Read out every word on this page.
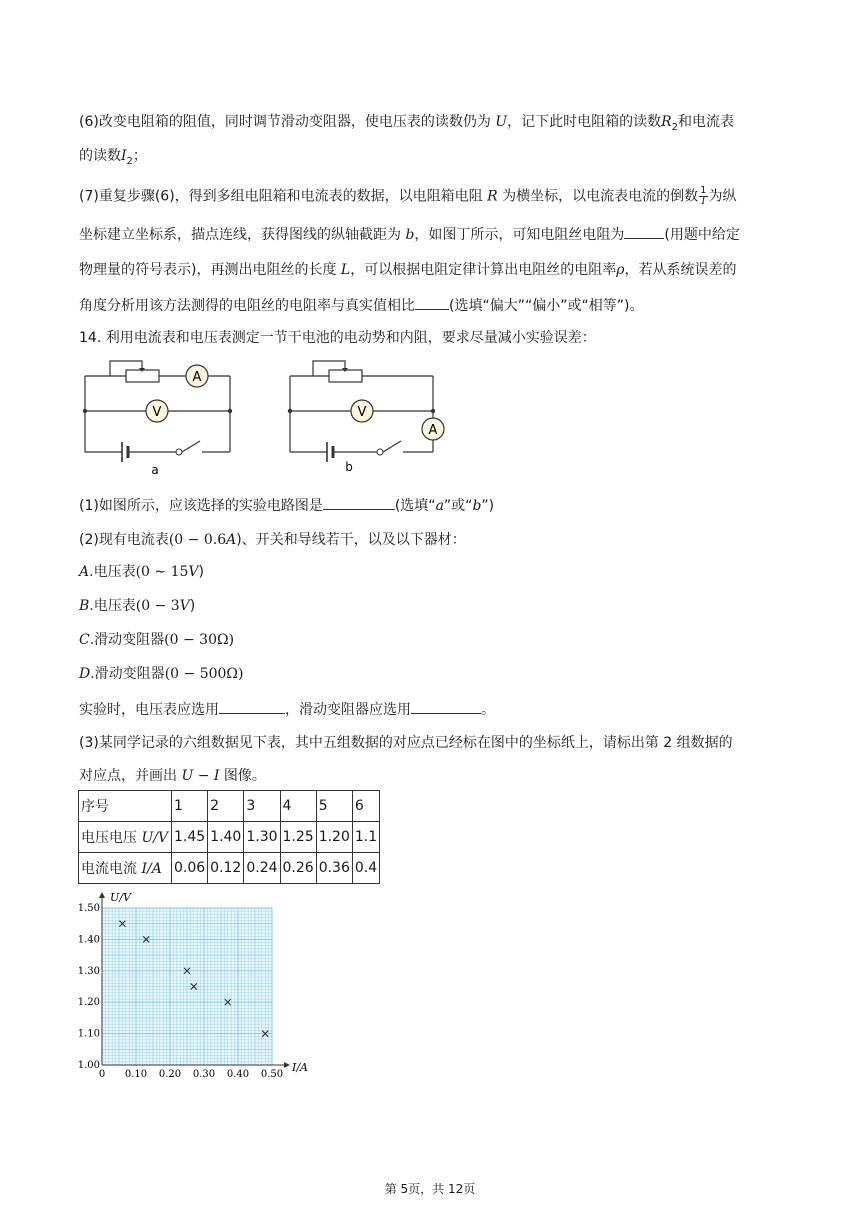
(6)改变电阻箱的阻值，同时调节滑动变阻器，使电压表的读数仍为 U，记下此时电阻箱的读数$R_2$和电流表
的读数$I_2$；
(7)重复步骤(6)，得到多组电阻箱和电流表的数据，以电阻箱电阻 R 为横坐标，以电流表电流的倒数 $\frac{1}{I}$ 为纵
坐标建立坐标系，描点连线，获得图线的纵轴截距为 b，如图丁所示，可知电阻丝电阻为	(用题中给定
物理量的符号表示)，再测出电阻丝的长度 L，可以根据电阻定律计算出电阻丝的电阻率ρ，若从系统误差的
角度分析用该方法测得的电阻丝的电阻率与真实值相比 (选填“偏大”“偏小”或“相等”)。
14. 利用电流表和电压表测定一节干电池的电动势和内阻，要求尽量减小实验误差：
A
V
a
V
A
b
(1)如图所示，应该选择的实验电路图是	(选填“a”或“b”)
(2)现有电流表(0 − 0.6A)、开关和导线若干，以及以下器材：
A.电压表(0 ∼ 15V)
B.电压表(0 − 3V)
C.滑动变阻器(0 − 30Ω)
D.滑动变阻器(0 − 500Ω)
实验时，电压表应选用	，滑动变阻器应选用	。
(3)某同学记录的六组数据见下表，其中五组数据的对应点已经标在图中的坐标纸上，请标出第 2 组数据的
对应点，并画出 U − I 图像。
序号	1	2	3	4	5	6
电压电压 U/V	1.45	1.40	1.30	1.25	1.20	1.1
电流电流 I/A	0.06	0.12	0.24	0.26	0.36	0.4
0 0.10 0.20 0.30 0.40 0.50
1.00
1.10
1.20
1.30
1.40
1.50
U/V
I/A
第 5页，共 12页
